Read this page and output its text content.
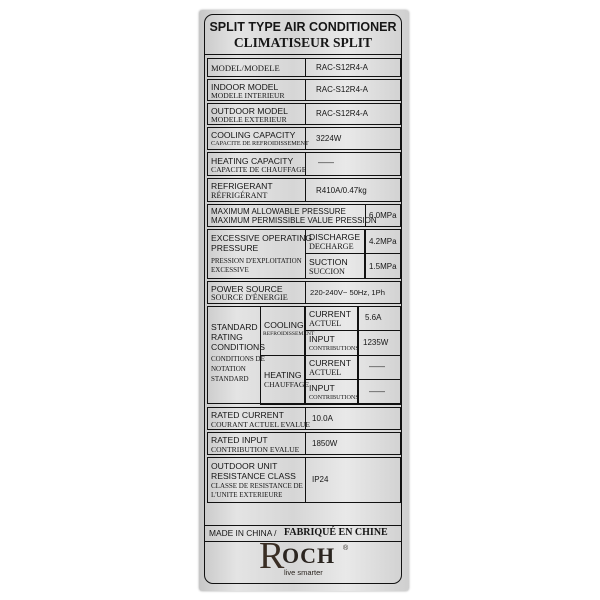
SPLIT TYPE AIR CONDITIONER
CLIMATISEUR SPLIT
MODEL/MODELE	RAC-S12R4-A
INDOOR MODEL
MODELE INTERIEUR
RAC-S12R4-A
OUTDOOR MODEL
MODELE EXTERIEUR
RAC-S12R4-A
COOLING CAPACITY
CAPACITE DE REFROIDISSEMENT
3224W
HEATING CAPACITY
CAPACITE DE CHAUFFAGE
——
REFRIGERANT
RÉFRIGÉRANT
R410A/0.47kg
MAXIMUM ALLOWABLE PRESSURE
MAXIMUM PERMISSIBLE VALUE PRESSION
6.0MPa
EXCESSIVE OPERATING
PRESSURE
PRESSION D'EXPLOITATION
EXCESSIVE
DISCHARGE
DECHARGE
4.2MPa
SUCTION
SUCCION
1.5MPa
POWER SOURCE
SOURCE D'ÉNERGIE
220-240V~ 50Hz, 1Ph
STANDARD
RATING
CONDITIONS
CONDITIONS DE
NOTATION
STANDARD
COOLING
REFROIDISSEMENT
HEATING
CHAUFFAGE
CURRENT
ACTUEL
5.6A
INPUT
CONTRIBUTIONS
1235W
CURRENT
ACTUEL
——
INPUT
CONTRIBUTIONS
——
RATED CURRENT
COURANT ACTUEL EVALUE
10.0A
RATED INPUT
CONTRIBUTION EVALUE
1850W
OUTDOOR UNIT
RESISTANCE CLASS
CLASSE DE RESISTANCE DE
L'UNITE EXTERIEURE
IP24
MADE IN CHINA / FABRIQUÉ EN CHINE
R
OCH
live smarter
®
